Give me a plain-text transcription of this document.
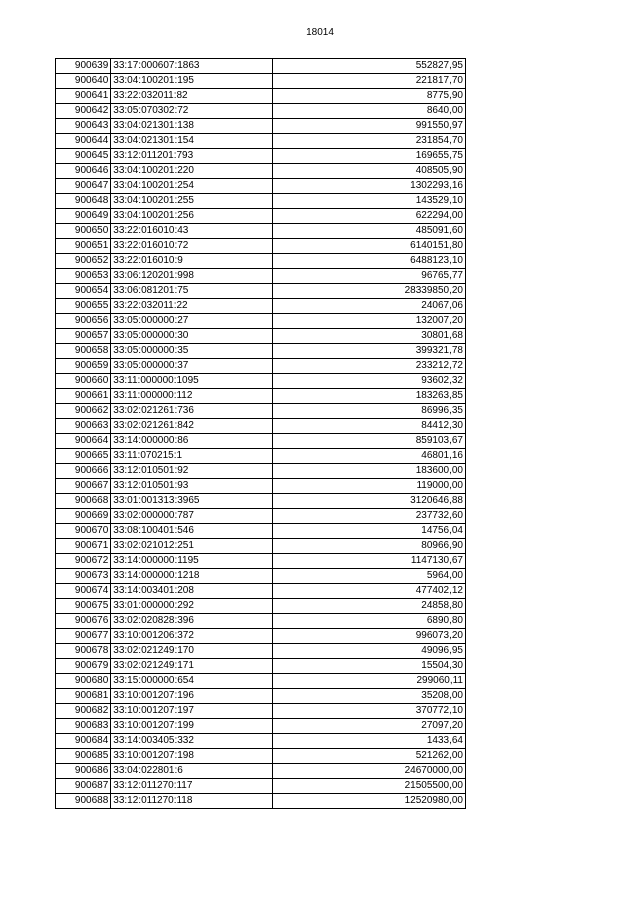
18014
900639	33:17:000607:1863	552827,95
900640	33:04:100201:195	221817,70
900641	33:22:032011:82	8775,90
900642	33:05:070302:72	8640,00
900643	33:04:021301:138	991550,97
900644	33:04:021301:154	231854,70
900645	33:12:011201:793	169655,75
900646	33:04:100201:220	408505,90
900647	33:04:100201:254	1302293,16
900648	33:04:100201:255	143529,10
900649	33:04:100201:256	622294,00
900650	33:22:016010:43	485091,60
900651	33:22:016010:72	6140151,80
900652	33:22:016010:9	6488123,10
900653	33:06:120201:998	96765,77
900654	33:06:081201:75	28339850,20
900655	33:22:032011:22	24067,06
900656	33:05:000000:27	132007,20
900657	33:05:000000:30	30801,68
900658	33:05:000000:35	399321,78
900659	33:05:000000:37	233212,72
900660	33:11:000000:1095	93602,32
900661	33:11:000000:112	183263,85
900662	33:02:021261:736	86996,35
900663	33:02:021261:842	84412,30
900664	33:14:000000:86	859103,67
900665	33:11:070215:1	46801,16
900666	33:12:010501:92	183600,00
900667	33:12:010501:93	119000,00
900668	33:01:001313:3965	3120646,88
900669	33:02:000000:787	237732,60
900670	33:08:100401:546	14756,04
900671	33:02:021012:251	80966,90
900672	33:14:000000:1195	1147130,67
900673	33:14:000000:1218	5964,00
900674	33:14:003401:208	477402,12
900675	33:01:000000:292	24858,80
900676	33:02:020828:396	6890,80
900677	33:10:001206:372	996073,20
900678	33:02:021249:170	49096,95
900679	33:02:021249:171	15504,30
900680	33:15:000000:654	299060,11
900681	33:10:001207:196	35208,00
900682	33:10:001207:197	370772,10
900683	33:10:001207:199	27097,20
900684	33:14:003405:332	1433,64
900685	33:10:001207:198	521262,00
900686	33:04:022801:6	24670000,00
900687	33:12:011270:117	21505500,00
900688	33:12:011270:118	12520980,00
